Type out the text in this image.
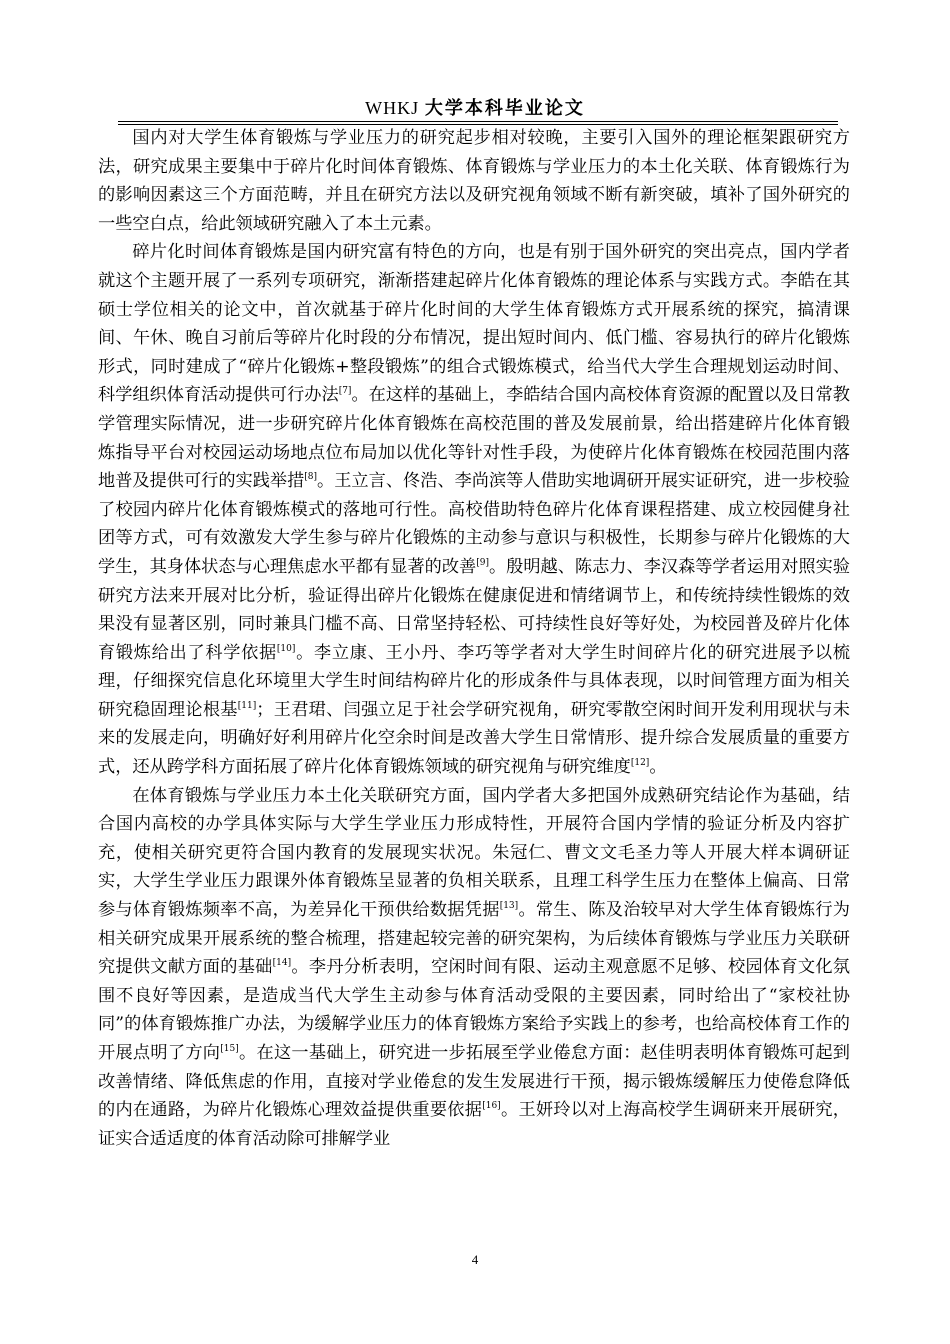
WHKJ 大学本科毕业论文

国内对大学生体育锻炼与学业压力的研究起步相对较晚，主要引入国外的理论框架跟研究方法，研究成果主要集中于碎片化时间体育锻炼、体育锻炼与学业压力的本土化关联、体育锻炼行为的影响因素这三个方面范畴，并且在研究方法以及研究视角领域不断有新突破，填补了国外研究的一些空白点，给此领域研究融入了本土元素。

碎片化时间体育锻炼是国内研究富有特色的方向，也是有别于国外研究的突出亮点，国内学者就这个主题开展了一系列专项研究，渐渐搭建起碎片化体育锻炼的理论体系与实践方式。李皓在其硕士学位相关的论文中，首次就基于碎片化时间的大学生体育锻炼方式开展系统的探究，搞清课间、午休、晚自习前后等碎片化时段的分布情况，提出短时间内、低门槛、容易执行的碎片化锻炼形式，同时建成了“碎片化锻炼+整段锻炼”的组合式锻炼模式，给当代大学生合理规划运动时间、科学组织体育活动提供可行办法[7]。在这样的基础上，李皓结合国内高校体育资源的配置以及日常教学管理实际情况，进一步研究碎片化体育锻炼在高校范围的普及发展前景，给出搭建碎片化体育锻炼指导平台对校园运动场地点位布局加以优化等针对性手段，为使碎片化体育锻炼在校园范围内落地普及提供可行的实践举措[8]。王立言、佟浩、李尚滨等人借助实地调研开展实证研究，进一步校验了校园内碎片化体育锻炼模式的落地可行性。高校借助特色碎片化体育课程搭建、成立校园健身社团等方式，可有效激发大学生参与碎片化锻炼的主动参与意识与积极性，长期参与碎片化锻炼的大学生，其身体状态与心理焦虑水平都有显著的改善[9]。殷明越、陈志力、李汉森等学者运用对照实验研究方法来开展对比分析，验证得出碎片化锻炼在健康促进和情绪调节上，和传统持续性锻炼的效果没有显著区别，同时兼具门槛不高、日常坚持轻松、可持续性良好等好处，为校园普及碎片化体育锻炼给出了科学依据[10]。李立康、王小丹、李巧等学者对大学生时间碎片化的研究进展予以梳理，仔细探究信息化环境里大学生时间结构碎片化的形成条件与具体表现，以时间管理方面为相关研究稳固理论根基[11]；王君珺、闫强立足于社会学研究视角，研究零散空闲时间开发利用现状与未来的发展走向，明确好好利用碎片化空余时间是改善大学生日常情形、提升综合发展质量的重要方式，还从跨学科方面拓展了碎片化体育锻炼领域的研究视角与研究维度[12]。

在体育锻炼与学业压力本土化关联研究方面，国内学者大多把国外成熟研究结论作为基础，结合国内高校的办学具体实际与大学生学业压力形成特性，开展符合国内学情的验证分析及内容扩充，使相关研究更符合国内教育的发展现实状况。朱冠仁、曹文文毛圣力等人开展大样本调研证实，大学生学业压力跟课外体育锻炼呈显著的负相关联系，且理工科学生压力在整体上偏高、日常参与体育锻炼频率不高，为差异化干预供给数据凭据[13]。常生、陈及治较早对大学生体育锻炼行为相关研究成果开展系统的整合梳理，搭建起较完善的研究架构，为后续体育锻炼与学业压力关联研究提供文献方面的基础[14]。李丹分析表明，空闲时间有限、运动主观意愿不足够、校园体育文化氛围不良好等因素，是造成当代大学生主动参与体育活动受限的主要因素，同时给出了“家校社协同”的体育锻炼推广办法，为缓解学业压力的体育锻炼方案给予实践上的参考，也给高校体育工作的开展点明了方向[15]。在这一基础上，研究进一步拓展至学业倦怠方面：赵佳明表明体育锻炼可起到改善情绪、降低焦虑的作用，直接对学业倦怠的发生发展进行干预，揭示锻炼缓解压力使倦怠降低的内在通路，为碎片化锻炼心理效益提供重要依据[16]。王妍玲以对上海高校学生调研来开展研究，证实合适适度的体育活动除可排解学业

4
